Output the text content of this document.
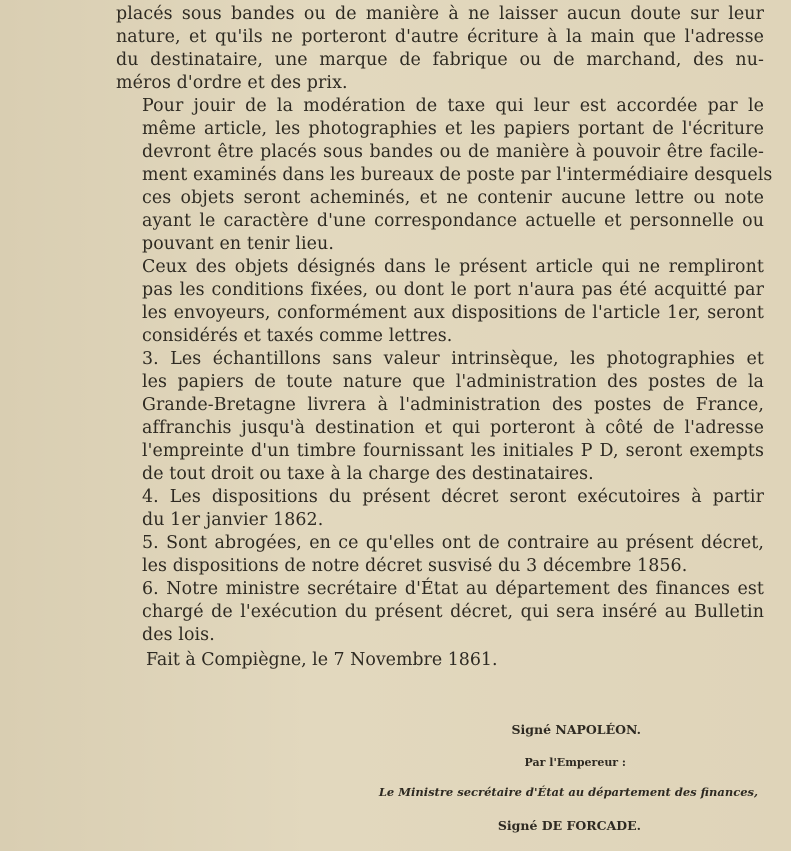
placés sous bandes ou de manière à ne laisser aucun doute sur leur
nature, et qu'ils ne porteront d'autre écriture à la main que l'adresse
du destinataire, une marque de fabrique ou de marchand, des nu-
méros d'ordre et des prix.

Pour jouir de la modération de taxe qui leur est accordée par le
même article, les photographies et les papiers portant de l'écriture
devront être placés sous bandes ou de manière à pouvoir être facile-
ment examinés dans les bureaux de poste par l'intermédiaire desquels
ces objets seront acheminés, et ne contenir aucune lettre ou note
ayant le caractère d'une correspondance actuelle et personnelle ou
pouvant en tenir lieu.

Ceux des objets désignés dans le présent article qui ne rempliront
pas les conditions fixées, ou dont le port n'aura pas été acquitté par
les envoyeurs, conformément aux dispositions de l'article 1er, seront
considérés et taxés comme lettres.

3. Les échantillons sans valeur intrinsèque, les photographies et
les papiers de toute nature que l'administration des postes de la
Grande-Bretagne livrera à l'administration des postes de France,
affranchis jusqu'à destination et qui porteront à côté de l'adresse
l'empreinte d'un timbre fournissant les initiales P D, seront exempts
de tout droit ou taxe à la charge des destinataires.

4. Les dispositions du présent décret seront exécutoires à partir
du 1er janvier 1862.

5. Sont abrogées, en ce qu'elles ont de contraire au présent décret,
les dispositions de notre décret susvisé du 3 décembre 1856.

6. Notre ministre secrétaire d'État au département des finances est
chargé de l'exécution du présent décret, qui sera inséré au Bulletin
des lois.

Fait à Compiègne, le 7 Novembre 1861.
Signé NAPOLÉON.
Par l'Empereur :
Le Ministre secrétaire d'État au département des finances,
Signé DE FORCADE.
